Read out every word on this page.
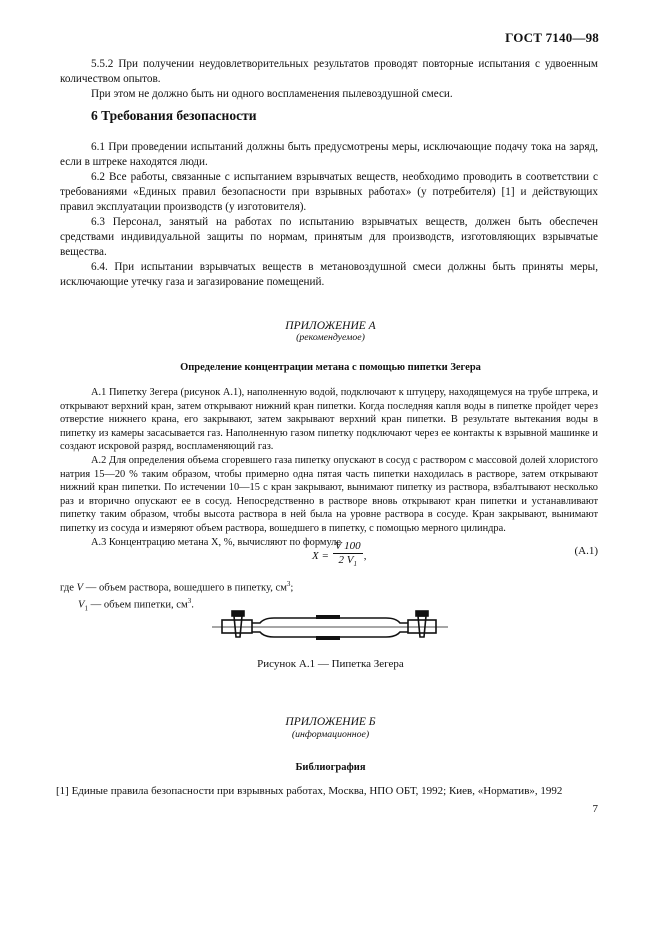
ГОСТ 7140—98

5.5.2 При получении неудовлетворительных результатов проводят повторные испытания с удвоенным количеством опытов.

При этом не должно быть ни одного воспламенения пылевоздушной смеси.

6 Требования безопасности

6.1 При проведении испытаний должны быть предусмотрены меры, исключающие подачу тока на заряд, если в штреке находятся люди.

6.2 Все работы, связанные с испытанием взрывчатых веществ, необходимо проводить в соответствии с требованиями «Единых правил безопасности при взрывных работах» (у потребителя) [1] и действующих правил эксплуатации производств (у изготовителя).

6.3 Персонал, занятый на работах по испытанию взрывчатых веществ, должен быть обеспечен средствами индивидуальной защиты по нормам, принятым для производств, изготовляющих взрывчатые вещества.

6.4. При испытании взрывчатых веществ в метановоздушной смеси должны быть приняты меры, исключающие утечку газа и загазирование помещений.

ПРИЛОЖЕНИЕ А
(рекомендуемое)
Определение концентрации метана с помощью пипетки Зегера

А.1 Пипетку Зегера (рисунок А.1), наполненную водой, подключают к штуцеру, находящемуся на трубе штрека, и открывают верхний кран, затем открывают нижний кран пипетки. Когда последняя капля воды в пипетке пройдет через отверстие нижнего крана, его закрывают, затем закрывают верхний кран пипетки. В результате вытекания воды в пипетку из камеры засасывается газ. Наполненную газом пипетку подключают через ее контакты к взрывной машинке и создают искровой разряд, воспламеняющий газ.

А.2 Для определения объема сгоревшего газа пипетку опускают в сосуд с раствором с массовой долей хлористого натрия 15—20 % таким образом, чтобы примерно одна пятая часть пипетки находилась в растворе, затем открывают нижний кран пипетки. По истечении 10—15 с кран закрывают, вынимают пипетку из раствора, взбалтывают несколько раз и вторично опускают ее в сосуд. Непосредственно в растворе вновь открывают кран пипетки и устанавливают пипетку таким образом, чтобы высота раствора в ней была на уровне раствора в сосуде. Кран закрывают, вынимают пипетку из сосуда и измеряют объем раствора, вошедшего в пипетку, с помощью мерного цилиндра.

А.3 Концентрацию метана X, %, вычисляют по формуле

$X = \frac{V 100}{2 V_1}$ ,	(А.1)
где V — объем раствора, вошедшего в пипетку, $см^3$;
$V_1$ — объем пипетки, $см^3$.
Рисунок А.1 — Пипетка Зегера
ПРИЛОЖЕНИЕ Б
(информационное)
Библиография
[1] Единые правила безопасности при взрывных работах, Москва, НПО ОБТ, 1992; Киев, «Норматив», 1992
7
